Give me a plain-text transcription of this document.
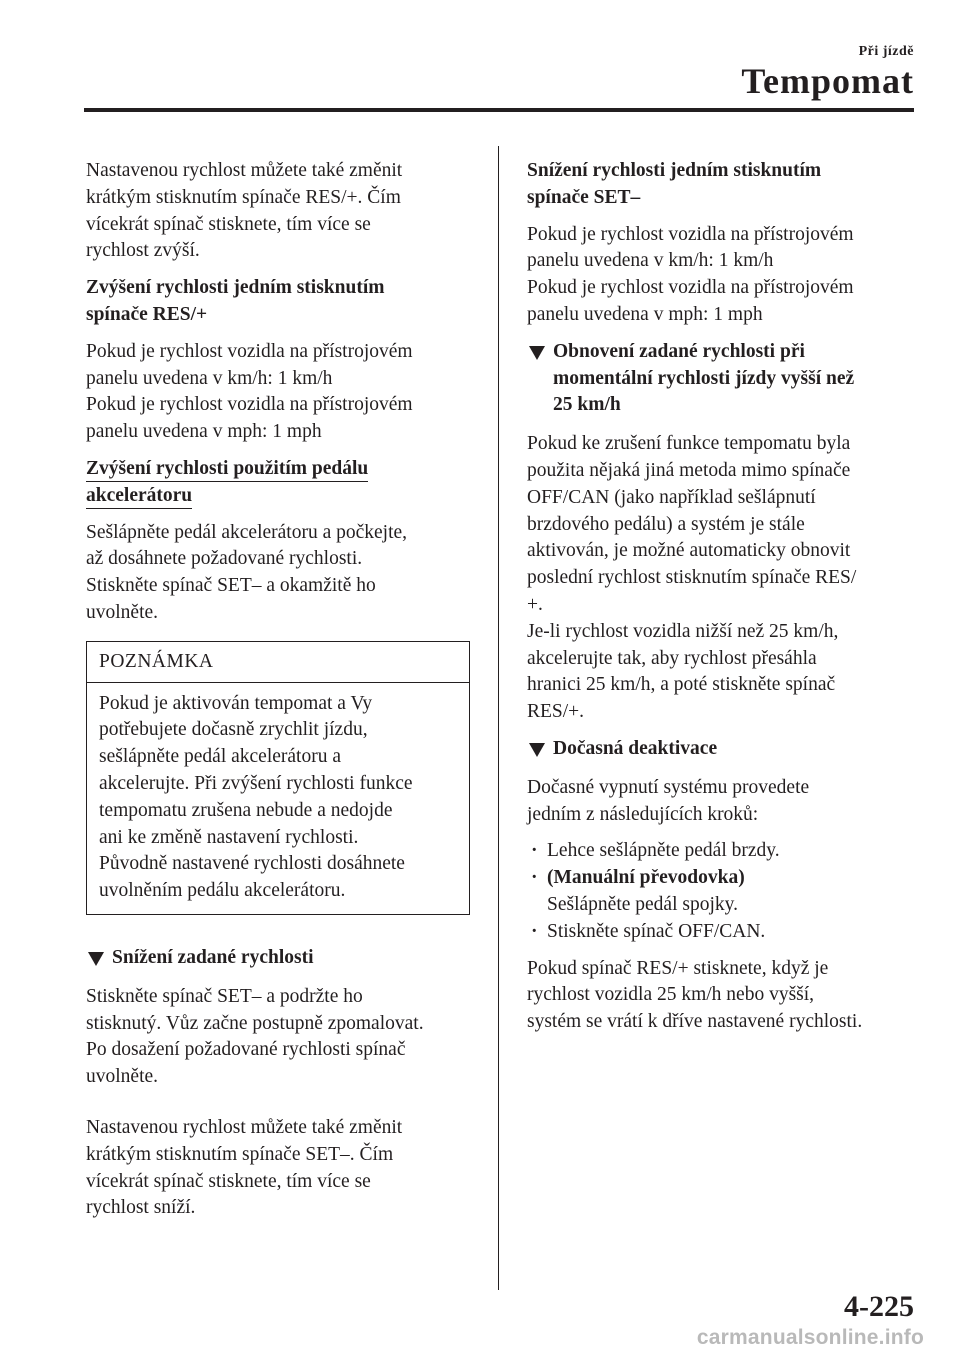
Při jízdě
Tempomat

Nastavenou rychlost můžete také změnit
krátkým stisknutím spínače RES/+. Čím
vícekrát spínač stisknete, tím více se
rychlost zvýší.

Zvýšení rychlosti jedním stisknutím
spínače RES/+

Pokud je rychlost vozidla na přístrojovém
panelu uvedena v km/h: 1 km/h
Pokud je rychlost vozidla na přístrojovém
panelu uvedena v mph: 1 mph

Zvýšení rychlosti použitím pedálu
akcelerátoru

Sešlápněte pedál akcelerátoru a počkejte,
až dosáhnete požadované rychlosti.
Stiskněte spínač SET– a okamžitě ho
uvolněte.

POZNÁMKA
Pokud je aktivován tempomat a Vy
potřebujete dočasně zrychlit jízdu,
sešlápněte pedál akcelerátoru a
akcelerujte. Při zvýšení rychlosti funkce
tempomatu zrušena nebude a nedojde
ani ke změně nastavení rychlosti.
Původně nastavené rychlosti dosáhnete
uvolněním pedálu akcelerátoru.
Snížení zadané rychlosti

Stiskněte spínač SET– a podržte ho
stisknutý. Vůz začne postupně zpomalovat.
Po dosažení požadované rychlosti spínač
uvolněte.

Nastavenou rychlost můžete také změnit
krátkým stisknutím spínače SET–. Čím
vícekrát spínač stisknete, tím více se
rychlost sníží.

Snížení rychlosti jedním stisknutím
spínače SET–

Pokud je rychlost vozidla na přístrojovém
panelu uvedena v km/h: 1 km/h
Pokud je rychlost vozidla na přístrojovém
panelu uvedena v mph: 1 mph

Obnovení zadané rychlosti při
momentální rychlosti jízdy vyšší než
25 km/h

Pokud ke zrušení funkce tempomatu byla
použita nějaká jiná metoda mimo spínače
OFF/CAN (jako například sešlápnutí
brzdového pedálu) a systém je stále
aktivován, je možné automaticky obnovit
poslední rychlost stisknutím spínače RES/
+.
Je-li rychlost vozidla nižší než 25 km/h,
akcelerujte tak, aby rychlost přesáhla
hranici 25 km/h, a poté stiskněte spínač
RES/+.

Dočasná deaktivace

Dočasné vypnutí systému provedete
jedním z následujících kroků:

· Lehce sešlápněte pedál brzdy.
· (Manuální převodovka)
Sešlápněte pedál spojky.
· Stiskněte spínač OFF/CAN.

Pokud spínač RES/+ stisknete, když je
rychlost vozidla 25 km/h nebo vyšší,
systém se vrátí k dříve nastavené rychlosti.

4-225
carmanualsonline.info
